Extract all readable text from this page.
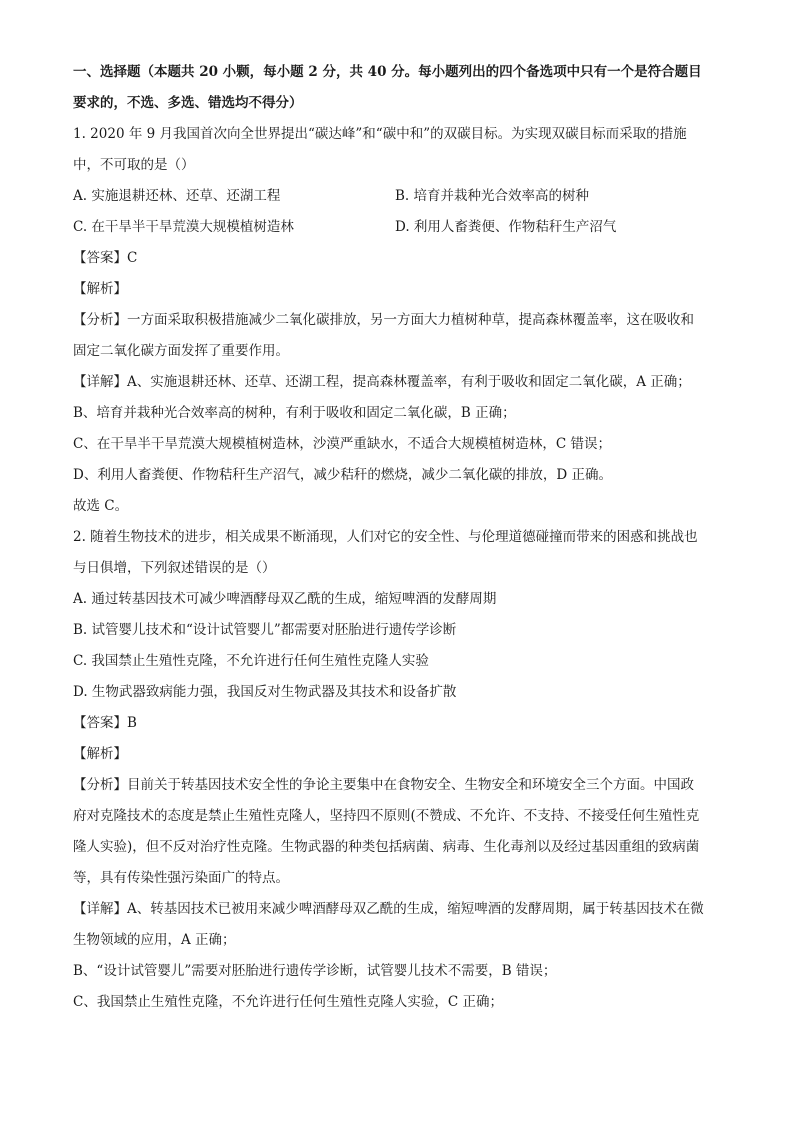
一、选择题（本题共 20 小颗，每小题 2 分，共 40 分。每小题列出的四个备选项中只有一个是符合题目
要求的，不选、多选、错选均不得分）
1. 2020 年 9 月我国首次向全世界提出“碳达峰”和“碳中和”的双碳目标。为实现双碳目标而采取的措施
中，不可取的是（）
A. 实施退耕还林、还草、还湖工程	B. 培育并栽种光合效率高的树种
C. 在干旱半干旱荒漠大规模植树造林	D. 利用人畜粪便、作物秸秆生产沼气
【答案】C
【解析】
【分析】一方面采取积极措施减少二氧化碳排放，另一方面大力植树种草，提高森林覆盖率，这在吸收和
固定二氧化碳方面发挥了重要作用。
【详解】A、实施退耕还林、还草、还湖工程，提高森林覆盖率，有利于吸收和固定二氧化碳，A 正确；
B、培育并栽种光合效率高的树种，有利于吸收和固定二氧化碳，B 正确；
C、在干旱半干旱荒漠大规模植树造林，沙漠严重缺水，不适合大规模植树造林，C 错误；
D、利用人畜粪便、作物秸秆生产沼气，减少秸秆的燃烧，减少二氧化碳的排放，D 正确。
故选 C。
2. 随着生物技术的进步，相关成果不断涌现，人们对它的安全性、与伦理道德碰撞而带来的困惑和挑战也
与日俱增，下列叙述错误的是（）
A. 通过转基因技术可减少啤酒酵母双乙酰的生成，缩短啤酒的发酵周期
B. 试管婴儿技术和“设计试管婴儿”都需要对胚胎进行遗传学诊断
C. 我国禁止生殖性克隆，不允许进行任何生殖性克隆人实验
D. 生物武器致病能力强，我国反对生物武器及其技术和设备扩散
【答案】B
【解析】
【分析】目前关于转基因技术安全性的争论主要集中在食物安全、生物安全和环境安全三个方面。中国政
府对克隆技术的态度是禁止生殖性克隆人，坚持四不原则(不赞成、不允许、不支持、不接受任何生殖性克
隆人实验)，但不反对治疗性克隆。生物武器的种类包括病菌、病毒、生化毒剂以及经过基因重组的致病菌
等，具有传染性强污染面广的特点。
【详解】A、转基因技术已被用来减少啤酒酵母双乙酰的生成，缩短啤酒的发酵周期，属于转基因技术在微
生物领域的应用，A 正确；
B、“设计试管婴儿”需要对胚胎进行遗传学诊断，试管婴儿技术不需要，B 错误；
C、我国禁止生殖性克隆，不允许进行任何生殖性克隆人实验，C 正确；
